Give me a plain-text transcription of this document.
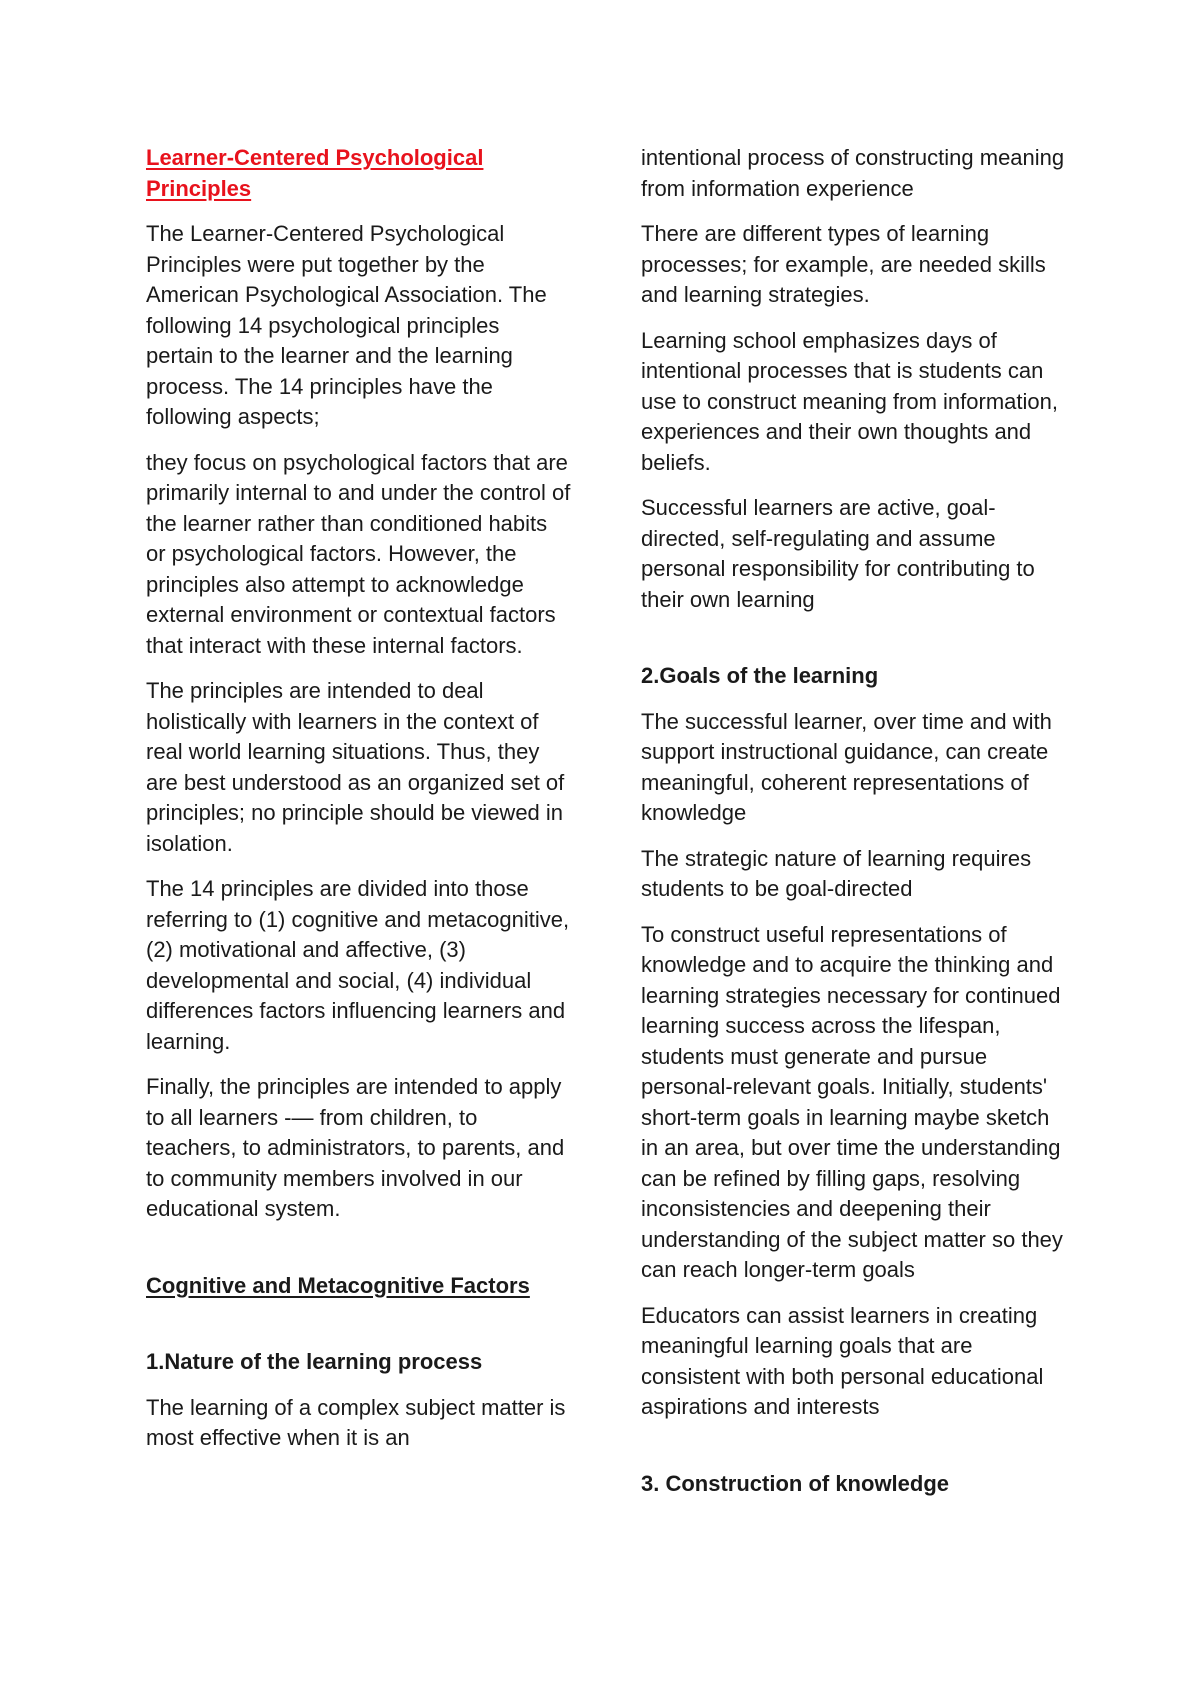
Learner-Centered Psychological Principles

The Learner-Centered Psychological Principles were put together by the American Psychological Association. The following 14 psychological principles pertain to the learner and the learning process. The 14 principles have the following aspects;

they focus on psychological factors that are primarily internal to and under the control of the learner rather than conditioned habits or psychological factors. However, the principles also attempt to acknowledge external environment or contextual factors that interact with these internal factors.

The principles are intended to deal holistically with learners in the context of real world learning situations. Thus, they are best understood as an organized set of principles; no principle should be viewed in isolation.

The 14 principles are divided into those referring to (1) cognitive and metacognitive, (2) motivational and affective, (3) developmental and social, (4) individual differences factors influencing learners and learning.

Finally, the principles are intended to apply to all learners -— from children, to teachers, to administrators, to parents, and to community members involved in our educational system.

Cognitive and Metacognitive Factors

1.Nature of the learning process

The learning of a complex subject matter is most effective when it is an

intentional process of constructing meaning from information experience

There are different types of learning processes; for example, are needed skills and learning strategies.

Learning school emphasizes days of intentional processes that is students can use to construct meaning from information, experiences and their own thoughts and beliefs.

Successful learners are active, goal-directed, self-regulating and assume personal responsibility for contributing to their own learning

2.Goals of the learning

The successful learner, over time and with support instructional guidance, can create meaningful, coherent representations of knowledge

The strategic nature of learning requires students to be goal-directed

To construct useful representations of knowledge and to acquire the thinking and learning strategies necessary for continued learning success across the lifespan, students must generate and pursue personal-relevant goals. Initially, students' short-term goals in learning maybe sketch in an area, but over time the understanding can be refined by filling gaps, resolving inconsistencies and deepening their understanding of the subject matter so they can reach longer-term goals

Educators can assist learners in creating meaningful learning goals that are consistent with both personal educational aspirations and interests

3. Construction of knowledge
